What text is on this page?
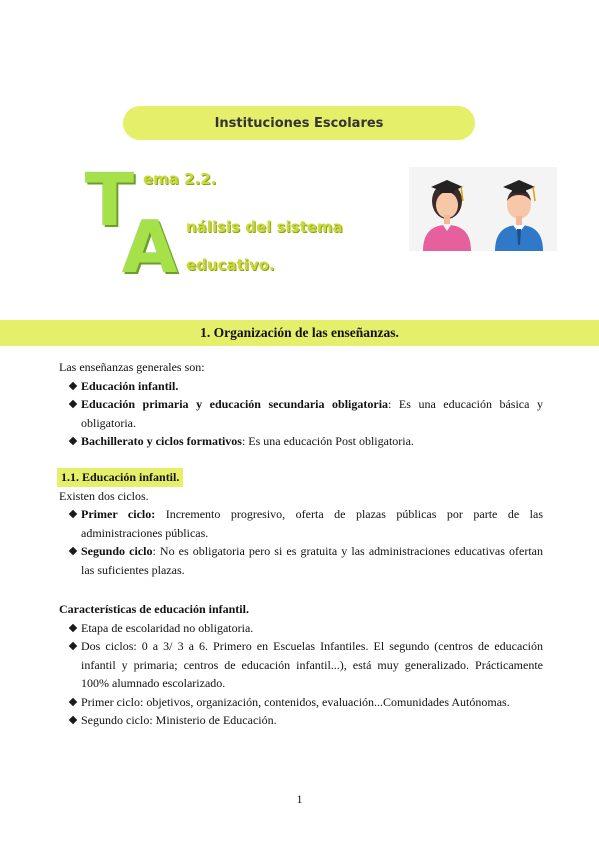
Instituciones Escolares
T ema 2.2.
A nálisis del sistema
educativo.
1. Organización de las enseñanzas.
Las enseñanzas generales son:
Educación infantil.
Educación primaria y educación secundaria obligatoria: Es una educación básica y obligatoria.
Bachillerato y ciclos formativos: Es una educación Post obligatoria.
1.1. Educación infantil.
Existen dos ciclos.
Primer ciclo: Incremento progresivo, oferta de plazas públicas por parte de las administraciones públicas.
Segundo ciclo: No es obligatoria pero si es gratuita y las administraciones educativas ofertan las suficientes plazas.
Características de educación infantil.
Etapa de escolaridad no obligatoria.
Dos ciclos: 0 a 3/ 3 a 6. Primero en Escuelas Infantiles. El segundo (centros de educación infantil y primaria; centros de educación infantil...), está muy generalizado. Prácticamente 100% alumnado escolarizado.
Primer ciclo: objetivos, organización, contenidos, evaluación...Comunidades Autónomas.
Segundo ciclo: Ministerio de Educación.
1
